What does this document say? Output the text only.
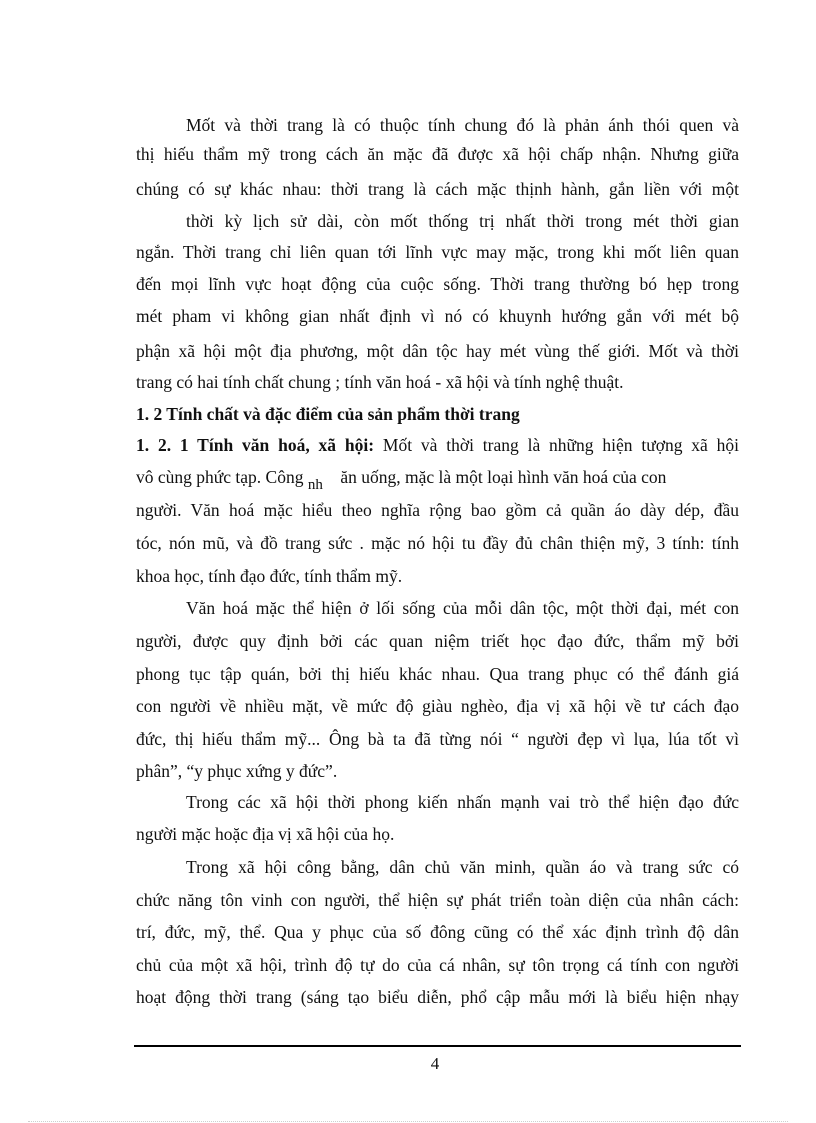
Mốt và thời trang là có thuộc tính chung đó là phản ánh thói quen và
thị hiếu thẩm mỹ trong cách ăn mặc đã được xã hội chấp nhận. Nhưng giữa
chúng có sự khác nhau: thời trang là cách mặc thịnh hành, gắn liền với một
thời kỳ lịch sử dài, còn mốt thống trị nhất thời trong mét thời gian
ngắn. Thời trang chỉ liên quan tới lĩnh vực may mặc, trong khi mốt liên quan
đến mọi lĩnh vực hoạt động của cuộc sống. Thời trang thường bó hẹp trong
mét pham vi không gian nhất định vì nó có khuynh hướng gắn với mét bộ
phận xã hội một địa phương, một dân tộc hay mét vùng thế giới. Mốt và thời
trang có hai tính chất chung ; tính văn hoá - xã hội và tính nghệ thuật.
1. 2 Tính chất và đặc điểm của sản phẩm thời trang
1. 2. 1 Tính văn hoá, xã hội: Mốt và thời trang là những hiện tượng xã hội
vô cùng phức tạp. Công nh ăn uống, mặc là một loại hình văn hoá của con
người. Văn hoá mặc hiểu theo nghĩa rộng bao gồm cả quần áo dày dép, đầu
tóc, nón mũ, và đồ trang sức . mặc nó hội tu đầy đủ chân thiện mỹ, 3 tính: tính
khoa học, tính đạo đức, tính thẩm mỹ.
Văn hoá mặc thể hiện ở lối sống của mỗi dân tộc, một thời đại, mét con
người, được quy định bởi các quan niệm triết học đạo đức, thẩm mỹ bởi
phong tục tập quán, bởi thị hiếu khác nhau. Qua trang phục có thể đánh giá
con người về nhiều mặt, về mức độ giàu nghèo, địa vị xã hội về tư cách đạo
đức, thị hiếu thẩm mỹ... Ông bà ta đã từng nói “ người đẹp vì lụa, lúa tốt vì
phân”, “y phục xứng y đức”.
Trong các xã hội thời phong kiến nhấn mạnh vai trò thể hiện đạo đức
người mặc hoặc địa vị xã hội của họ.
Trong xã hội công bằng, dân chủ văn minh, quần áo và trang sức có
chức năng tôn vinh con người, thể hiện sự phát triển toàn diện của nhân cách:
trí, đức, mỹ, thể. Qua y phục của số đông cũng có thể xác định trình độ dân
chủ của một xã hội, trình độ tự do của cá nhân, sự tôn trọng cá tính con người
hoạt động thời trang (sáng tạo biểu diễn, phổ cập mẫu mới là biểu hiện nhạy
4
